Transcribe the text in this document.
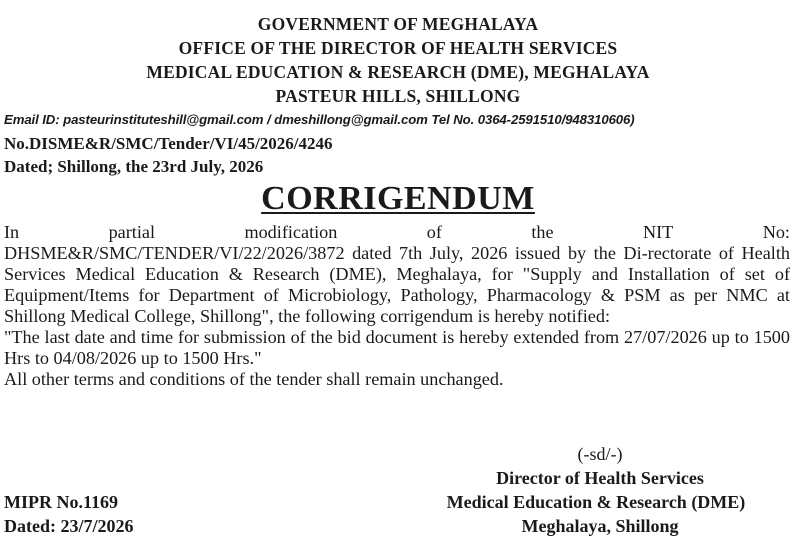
GOVERNMENT OF MEGHALAYA
OFFICE OF THE DIRECTOR OF HEALTH SERVICES
MEDICAL EDUCATION & RESEARCH (DME), MEGHALAYA
PASTEUR HILLS, SHILLONG
Email ID: pasteurinstituteshill@gmail.com / dmeshillong@gmail.com Tel No. 0364-2591510/948310606)
No.DISME&R/SMC/Tender/VI/45/2026/4246
Dated; Shillong, the 23rd July, 2026
CORRIGENDUM
In	partial	modification	of	the	NIT	No:
DHSME&R/SMC/TENDER/VI/22/2026/3872 dated 7th July, 2026 issued by the Di-rectorate of Health Services Medical Education & Research (DME), Meghalaya, for "Supply and Installation of set of Equipment/Items for Department of Microbiology, Pathology, Pharmacology & PSM as per NMC at Shillong Medical College, Shillong", the following corrigendum is hereby notified:
"The last date and time for submission of the bid document is hereby extended from 27/07/2026 up to 1500 Hrs to 04/08/2026 up to 1500 Hrs."
All other terms and conditions of the tender shall remain unchanged.
(-sd/-)
Director of Health Services
Medical Education & Research (DME)
Meghalaya, Shillong
MIPR No.1169
Dated: 23/7/2026
